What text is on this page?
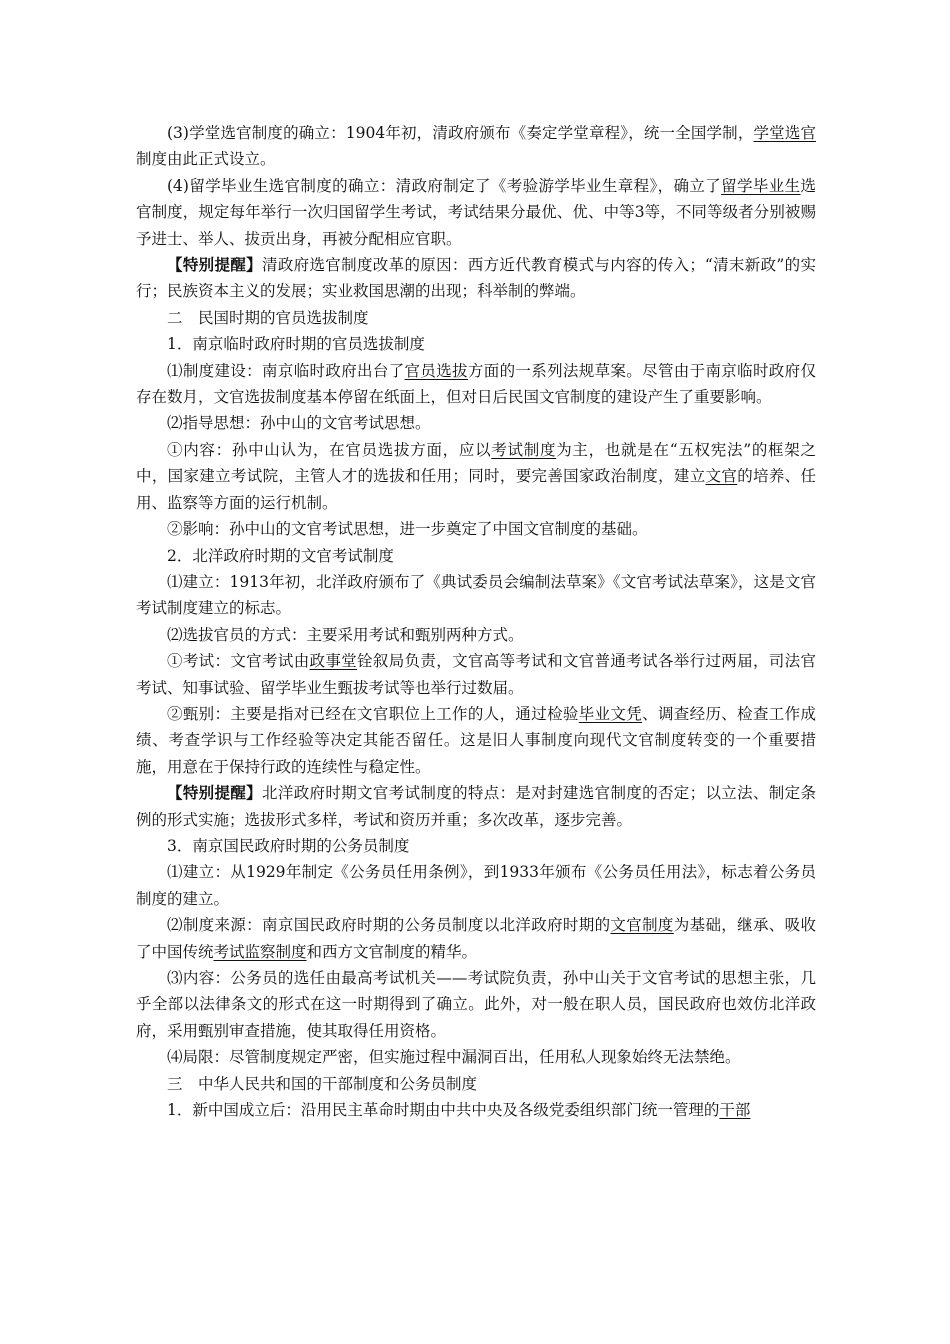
(3)学堂选官制度的确立：1904年初，清政府颁布《奏定学堂章程》，统一全国学制，学堂选官制度由此正式设立。

(4)留学毕业生选官制度的确立：清政府制定了《考验游学毕业生章程》，确立了留学毕业生选官制度，规定每年举行一次归国留学生考试，考试结果分最优、优、中等3等，不同等级者分别被赐予进士、举人、拔贡出身，再被分配相应官职。

【特别提醒】清政府选官制度改革的原因：西方近代教育模式与内容的传入；“清末新政”的实行；民族资本主义的发展；实业救国思潮的出现；科举制的弊端。

二　民国时期的官员选拔制度

1．南京临时政府时期的官员选拔制度

⑴制度建设：南京临时政府出台了官员选拔方面的一系列法规草案。尽管由于南京临时政府仅存在数月，文官选拔制度基本停留在纸面上，但对日后民国文官制度的建设产生了重要影响。

⑵指导思想：孙中山的文官考试思想。

①内容：孙中山认为，在官员选拔方面，应以考试制度为主，也就是在“五权宪法”的框架之中，国家建立考试院，主管人才的选拔和任用；同时，要完善国家政治制度，建立文官的培养、任用、监察等方面的运行机制。

②影响：孙中山的文官考试思想，进一步奠定了中国文官制度的基础。

2．北洋政府时期的文官考试制度

⑴建立：1913年初，北洋政府颁布了《典试委员会编制法草案》《文官考试法草案》，这是文官考试制度建立的标志。

⑵选拔官员的方式：主要采用考试和甄别两种方式。

①考试：文官考试由政事堂铨叙局负责，文官高等考试和文官普通考试各举行过两届，司法官考试、知事试验、留学毕业生甄拔考试等也举行过数届。

②甄别：主要是指对已经在文官职位上工作的人，通过检验毕业文凭、调查经历、检查工作成绩、考查学识与工作经验等决定其能否留任。这是旧人事制度向现代文官制度转变的一个重要措施，用意在于保持行政的连续性与稳定性。

【特别提醒】北洋政府时期文官考试制度的特点：是对封建选官制度的否定；以立法、制定条例的形式实施；选拔形式多样，考试和资历并重；多次改革，逐步完善。

3．南京国民政府时期的公务员制度

⑴建立：从1929年制定《公务员任用条例》，到1933年颁布《公务员任用法》，标志着公务员制度的建立。

⑵制度来源：南京国民政府时期的公务员制度以北洋政府时期的文官制度为基础，继承、吸收了中国传统考试监察制度和西方文官制度的精华。

⑶内容：公务员的选任由最高考试机关——考试院负责，孙中山关于文官考试的思想主张，几乎全部以法律条文的形式在这一时期得到了确立。此外，对一般在职人员，国民政府也效仿北洋政府，采用甄别审查措施，使其取得任用资格。

⑷局限：尽管制度规定严密，但实施过程中漏洞百出，任用私人现象始终无法禁绝。

三　中华人民共和国的干部制度和公务员制度

1．新中国成立后：沿用民主革命时期由中共中央及各级党委组织部门统一管理的干部
